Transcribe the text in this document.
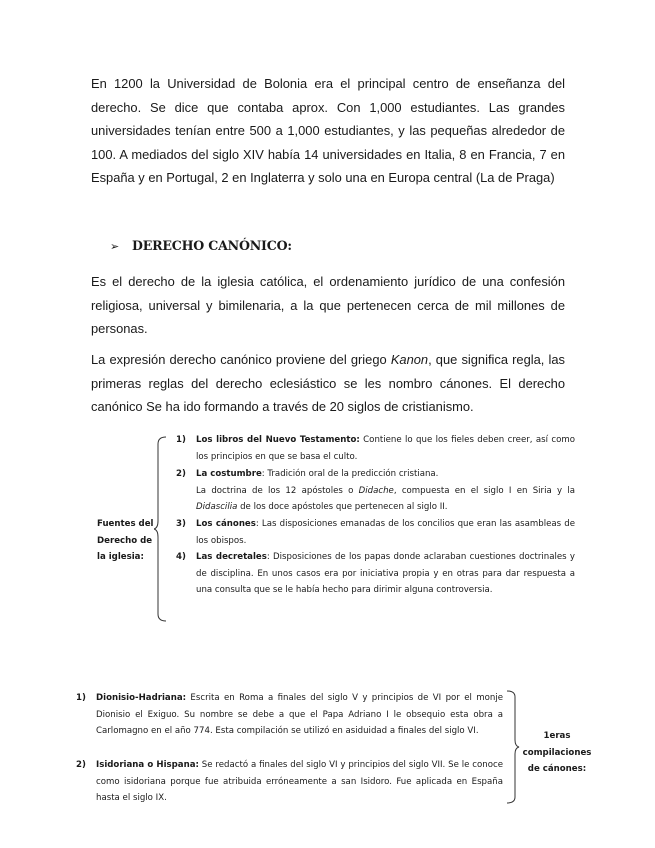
En 1200 la Universidad de Bolonia era el principal centro de enseñanza del derecho. Se dice que contaba aprox. Con 1,000 estudiantes. Las grandes universidades tenían entre 500 a 1,000 estudiantes, y las pequeñas alrededor de 100. A mediados del siglo XIV había 14 universidades en Italia, 8 en Francia, 7 en España y en Portugal, 2 en Inglaterra y solo una en Europa central (La de Praga)

➢ DERECHO CANÓNICO:

Es el derecho de la iglesia católica, el ordenamiento jurídico de una confesión religiosa, universal y bimilenaria, a la que pertenecen cerca de mil millones de personas.

La expresión derecho canónico proviene del griego Kanon, que significa regla, las primeras reglas del derecho eclesiástico se les nombro cánones. El derecho canónico Se ha ido formando a través de 20 siglos de cristianismo.

Fuentes del Derecho de la iglesia:
1)	Los libros del Nuevo Testamento: Contiene lo que los fieles deben creer, así como los principios en que se basa el culto.
2)	La costumbre: Tradición oral de la predicción cristiana.
La doctrina de los 12 apóstoles o Didache, compuesta en el siglo I en Siria y la Didascilia de los doce apóstoles que pertenecen al siglo II.
3)	Los cánones: Las disposiciones emanadas de los concilios que eran las asambleas de los obispos.
4)	Las decretales: Disposiciones de los papas donde aclaraban cuestiones doctrinales y de disciplina. En unos casos era por iniciativa propia y en otras para dar respuesta a una consulta que se le había hecho para dirimir alguna controversia.
1)	Dionisio-Hadriana: Escrita en Roma a finales del siglo V y principios de VI por el monje Dionisio el Exiguo. Su nombre se debe a que el Papa Adriano I le obsequio esta obra a Carlomagno en el año 774. Esta compilación se utilizó en asiduidad a finales del siglo VI.
2)	Isidoriana o Hispana: Se redactó a finales del siglo VI y principios del siglo VII. Se le conoce como isidoriana porque fue atribuida erróneamente a san Isidoro. Fue aplicada en España hasta el siglo IX.
1eras compilaciones de cánones:
